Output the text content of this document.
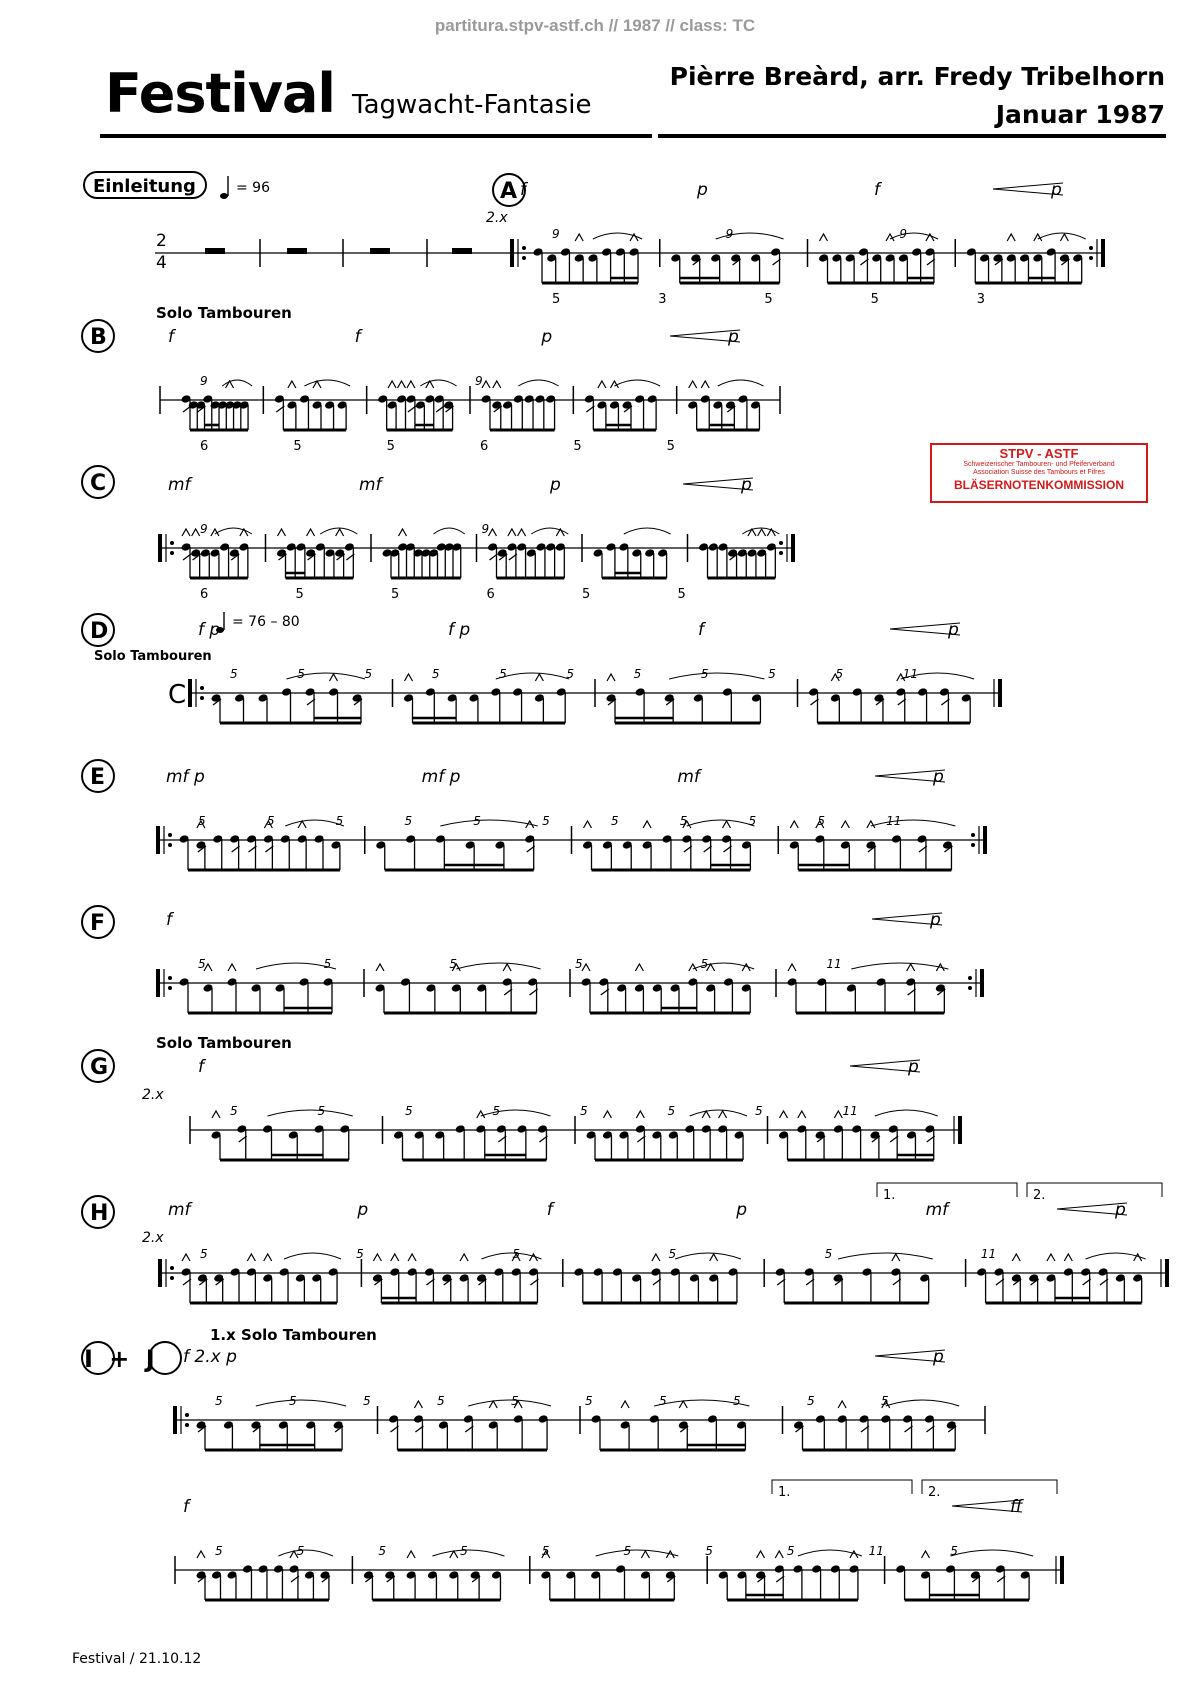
partitura.stpv-astf.ch // 1987 // class: TC
Festival Tagwacht-Fantasie
Pièrre Breàrd, arr. Fredy Tribelhorn
Januar 1987
Festival / 21.10.12
STPV - ASTF
Schweizerischer Tambouren- und Pfeiferverband
Association Suisse des Tambours et Fifres
BLÄSERNOTENKOMMISSION
2
4
Einleitung	= 96	A
2.x
f	p	f	p
9	9	9
5	3	5	5	3
B
Solo Tambouren
f	f	p	p
9	9
6	5	5	6	5	5
C	mf	mf	p	p
9	9
6	5	5	6	5	5
D
Solo Tambouren
= 76 – 80
C
f p	f p	f	p
5	5	5	5	5	5	5	5	5	5	11
E	mf p	mf p	mf	p
5	5	5	5	5	5	5	5	5	5	11
F	f	p
5	5	5	5	5	11
G
Solo Tambouren
2.x
f	p
5	5	5	5	5	5	5	11
H
2.x
mf	p	f	p	mf	p
5	5	5	5	5	11
1.	2.
I + J
1.x Solo Tambouren
f 2.x p	p
5	5	5	5	5	5	5	5	5	5
f	ff
5	5	5	5	5	5	5	5	11	5
1.	2.
